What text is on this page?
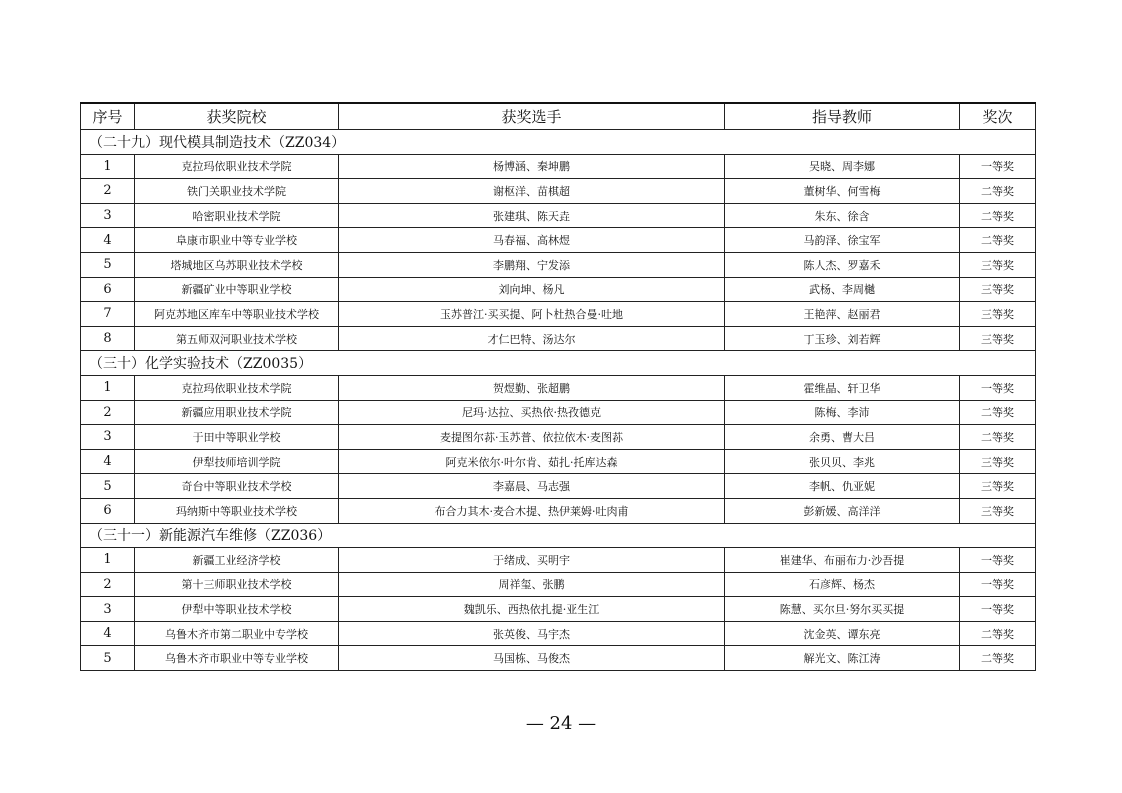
序号	获奖院校	获奖选手	指导教师	奖次
（二十九）现代模具制造技术（ZZ034）				
1	克拉玛依职业技术学院	杨博涵、秦坤鹏	吴晓、周李娜	一等奖
2	铁门关职业技术学院	谢枢洋、苗棋超	董树华、何雪梅	二等奖
3	哈密职业技术学院	张建琪、陈天垚	朱东、徐含	二等奖
4	阜康市职业中等专业学校	马春福、高林煜	马韵泽、徐宝军	二等奖
5	塔城地区乌苏职业技术学校	李鹏翔、宁发添	陈人杰、罗嘉禾	三等奖
6	新疆矿业中等职业学校	刘向坤、杨凡	武杨、李周樾	三等奖
7	阿克苏地区库车中等职业技术学校	玉苏普江·买买提、阿卜杜热合曼·吐地	王艳萍、赵丽君	三等奖
8	第五师双河职业技术学校	才仁巴特、汤达尔	丁玉珍、刘若辉	三等奖
（三十）化学实验技术（ZZ0035）				
1	克拉玛依职业技术学院	贺煜勤、张超鹏	霍维晶、轩卫华	一等奖
2	新疆应用职业技术学院	尼玛·达拉、买热依·热孜德克	陈梅、李沛	二等奖
3	于田中等职业学校	麦提图尔荪·玉苏普、依拉依木·麦图荪	余勇、曹大吕	二等奖
4	伊犁技师培训学院	阿克米依尔·叶尔肯、茹扎·托库达森	张贝贝、李兆	三等奖
5	奇台中等职业技术学校	李嘉晨、马志强	李帆、仇亚妮	三等奖
6	玛纳斯中等职业技术学校	布合力其木·麦合木提、热伊莱姆·吐肉甫	彭新媛、高洋洋	三等奖
（三十一）新能源汽车维修（ZZ036）				
1	新疆工业经济学校	于绪成、买明宇	崔建华、布丽布力·沙吾提	一等奖
2	第十三师职业技术学校	周祥玺、张鹏	石彦辉、杨杰	一等奖
3	伊犁中等职业技术学校	魏凯乐、西热依扎提·亚生江	陈慧、买尔旦·努尔买买提	一等奖
4	乌鲁木齐市第二职业中专学校	张英俊、马宇杰	沈金英、谭东亮	二等奖
5	乌鲁木齐市职业中等专业学校	马国栋、马俊杰	解光文、陈江涛	二等奖
— 24 —
